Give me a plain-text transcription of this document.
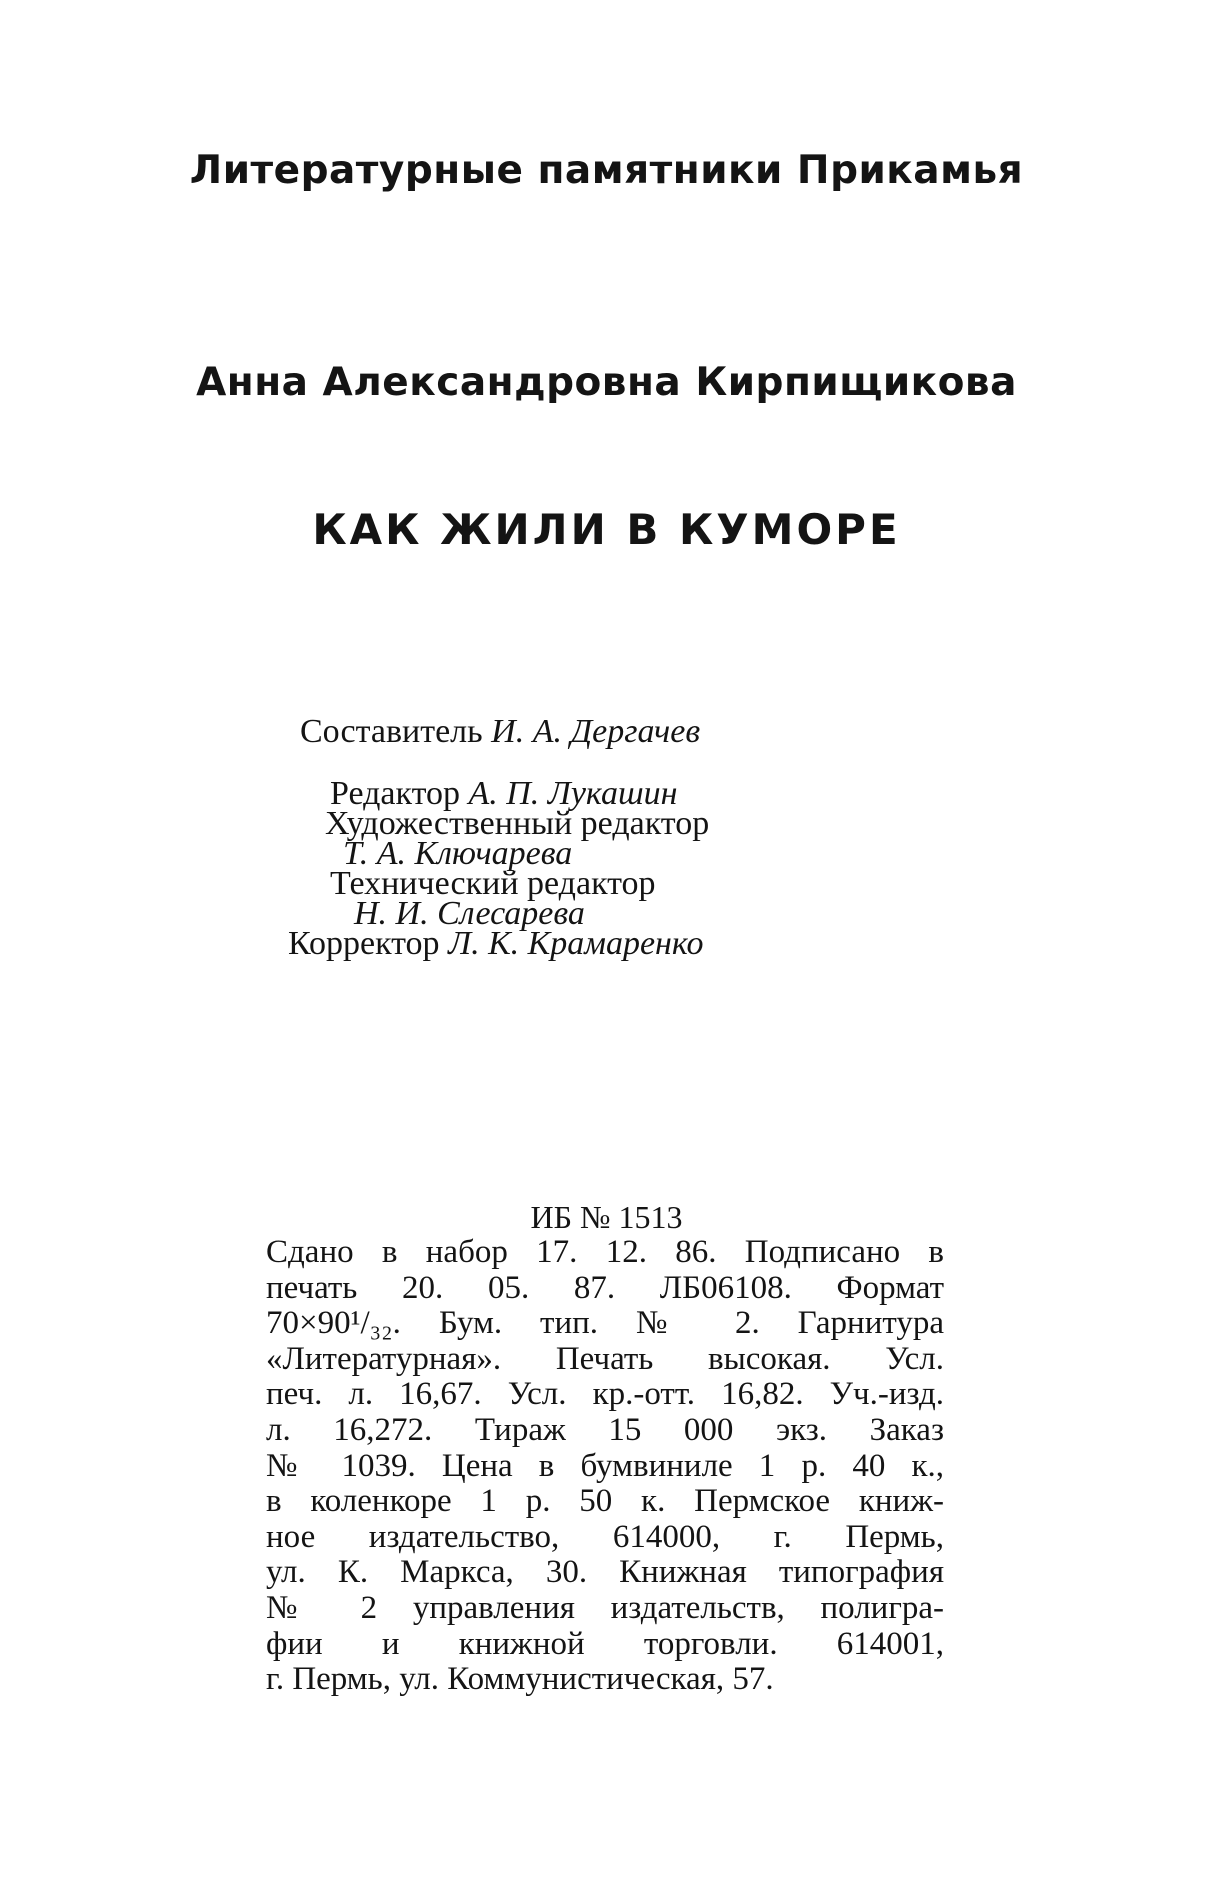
Литературные памятники Прикамья
Анна Александровна Кирпищикова
КАК ЖИЛИ В КУМОРЕ
Составитель И. А. Дергачев
Редактор А. П. Лукашин
Художественный редактор
Т. А. Ключарева
Технический редактор
Н. И. Слесарева
Корректор Л. К. Крамаренко
ИБ № 1513
Сдано в набор 17. 12. 86. Подписано в
печать 20. 05. 87. ЛБ06108. Формат
70×90¹/₃₂. Бум. тип. № 2. Гарнитура
«Литературная». Печать высокая. Усл.
печ. л. 16,67. Усл. кр.-отт. 16,82. Уч.-изд.
л. 16,272. Тираж 15 000 экз. Заказ
№ 1039. Цена в бумвиниле 1 р. 40 к.,
в коленкоре 1 р. 50 к. Пермское книж-
ное издательство, 614000, г. Пермь,
ул. К. Маркса, 30. Книжная типография
№ 2 управления издательств, полигра-
фии и книжной торговли. 614001,
г. Пермь, ул. Коммунистическая, 57.
